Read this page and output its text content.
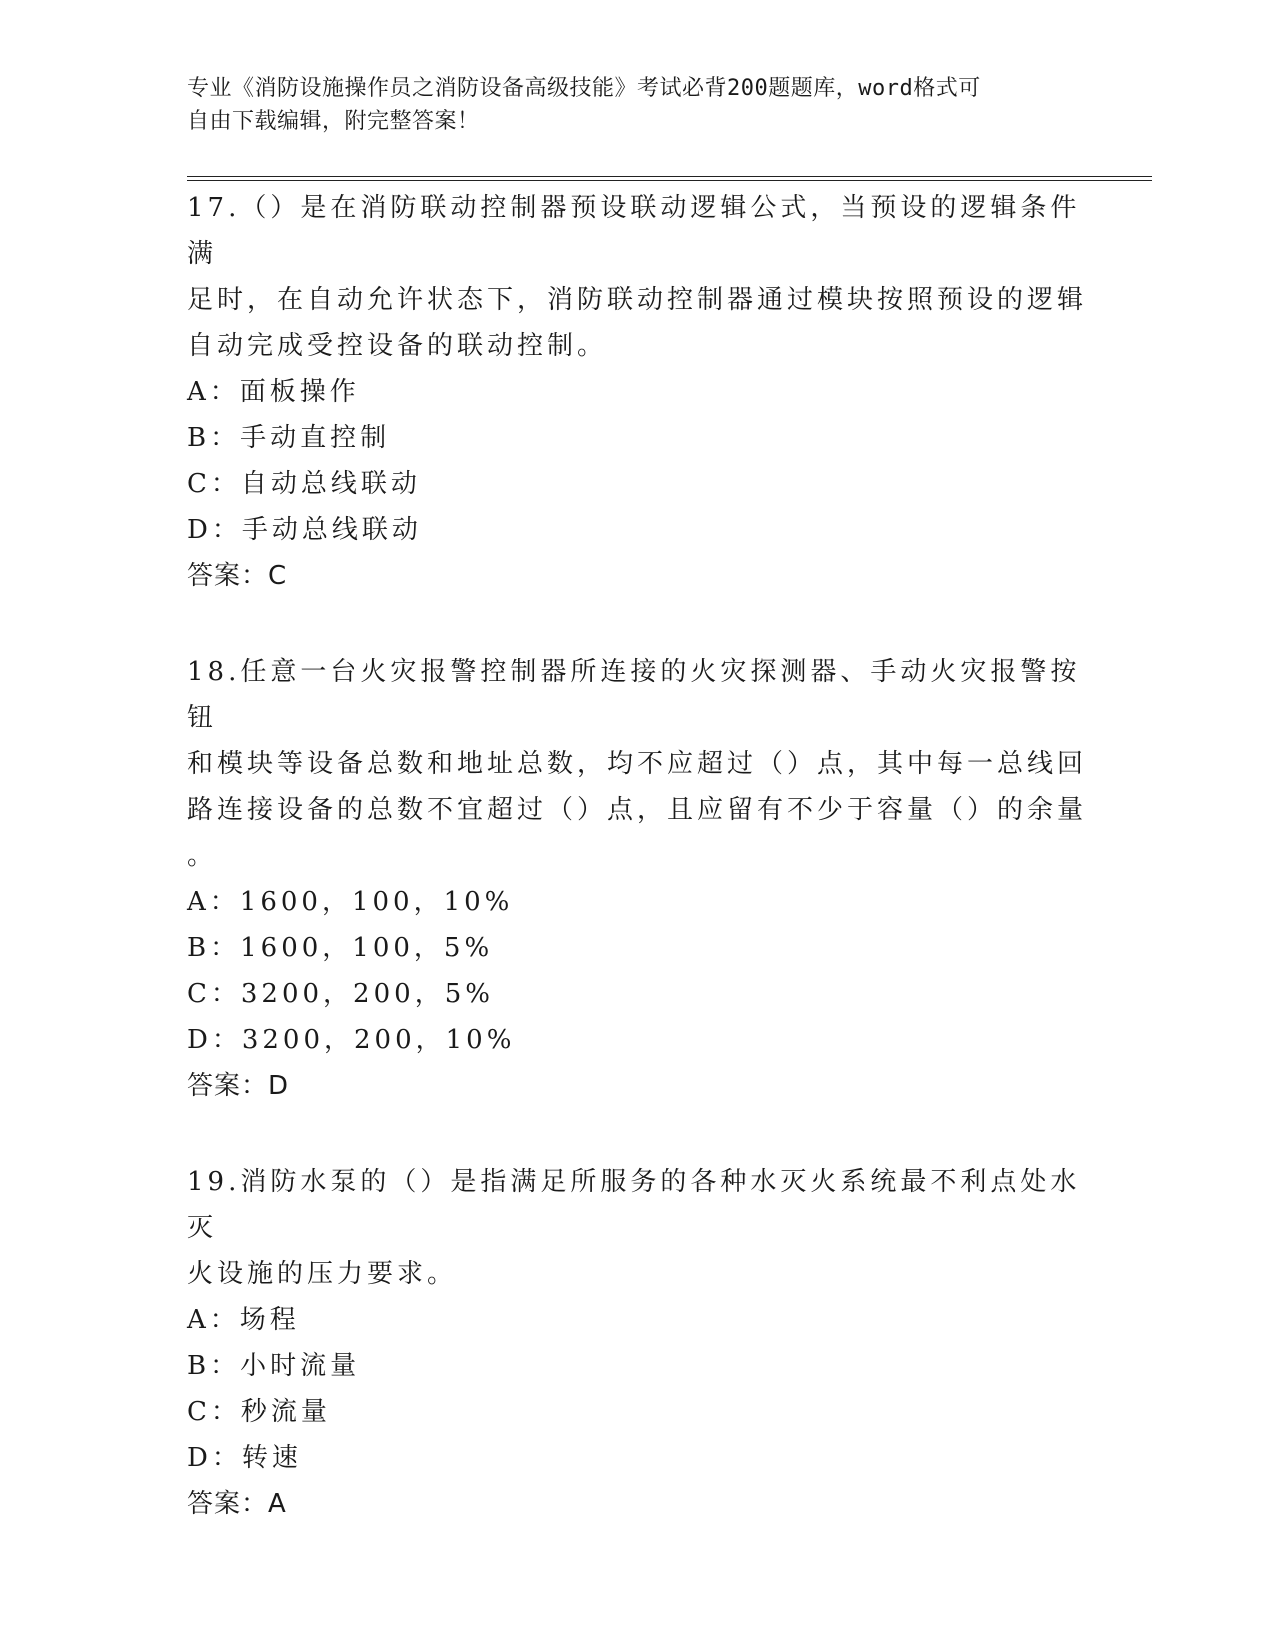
专业《消防设施操作员之消防设备高级技能》考试必背200题题库，word格式可
自由下载编辑，附完整答案！

17.（）是在消防联动控制器预设联动逻辑公式，当预设的逻辑条件满

足时，在自动允许状态下，消防联动控制器通过模块按照预设的逻辑

自动完成受控设备的联动控制。

A：面板操作

B：手动直控制

C：自动总线联动

D：手动总线联动

答案：C

18.任意一台火灾报警控制器所连接的火灾探测器、手动火灾报警按钮

和模块等设备总数和地址总数，均不应超过（）点，其中每一总线回

路连接设备的总数不宜超过（）点，且应留有不少于容量（）的余量

。

A：1600，100，10%

B：1600，100，5%

C：3200，200，5%

D：3200，200，10%

答案：D

19.消防水泵的（）是指满足所服务的各种水灭火系统最不利点处水灭

火设施的压力要求。

A：场程

B：小时流量

C：秒流量

D：转速

答案：A
